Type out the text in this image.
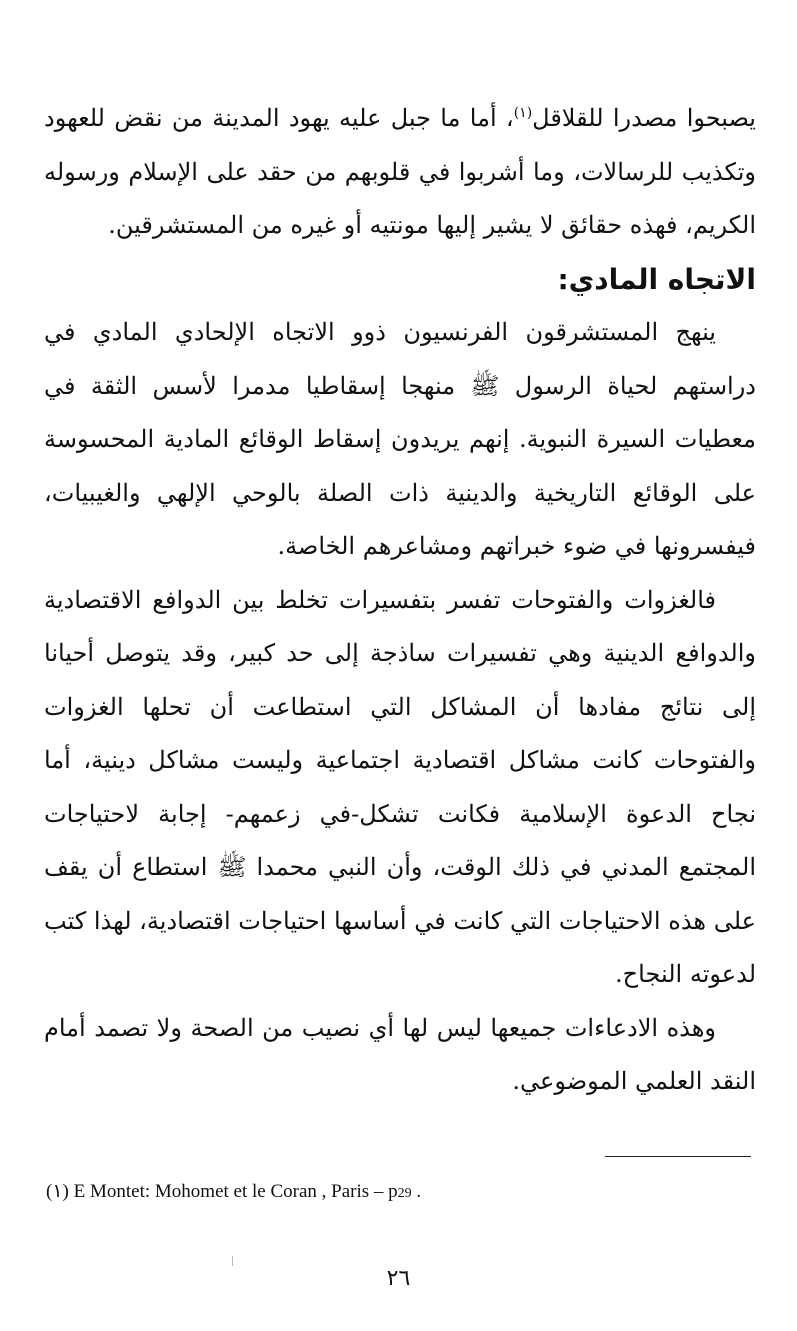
يصبحوا مصدرا للقلاقل$^{(١)}$، أما ما جبل عليه يهود المدينة من نقض للعهود وتكذيب للرسالات، وما أشربوا في قلوبهم من حقد على الإسلام ورسوله الكريم، فهذه حقائق لا يشير إليها مونتيه أو غيره من المستشرقين.

الاتجاه المادي:

ينهج المستشرقون الفرنسيون ذوو الاتجاه الإلحادي المادي في دراستهم لحياة الرسول ﷺ منهجا إسقاطيا مدمرا لأسس الثقة في معطيات السيرة النبوية. إنهم يريدون إسقاط الوقائع المادية المحسوسة على الوقائع التاريخية والدينية ذات الصلة بالوحي الإلهي والغيبيات، فيفسرونها في ضوء خبراتهم ومشاعرهم الخاصة.

فالغزوات والفتوحات تفسر بتفسيرات تخلط بين الدوافع الاقتصادية والدوافع الدينية وهي تفسيرات ساذجة إلى حد كبير، وقد يتوصل أحيانا إلى نتائج مفادها أن المشاكل التي استطاعت أن تحلها الغزوات والفتوحات كانت مشاكل اقتصادية اجتماعية وليست مشاكل دينية، أما نجاح الدعوة الإسلامية فكانت تشكل-في زعمهم- إجابة لاحتياجات المجتمع المدني في ذلك الوقت، وأن النبي محمدا ﷺ استطاع أن يقف على هذه الاحتياجات التي كانت في أساسها احتياجات اقتصادية، لهذا كتب لدعوته النجاح.

وهذه الادعاءات جميعها ليس لها أي نصيب من الصحة ولا تصمد أمام النقد العلمي الموضوعي.

(١) E Montet: Mohomet et le Coran , Paris – p29 .
٢٦
